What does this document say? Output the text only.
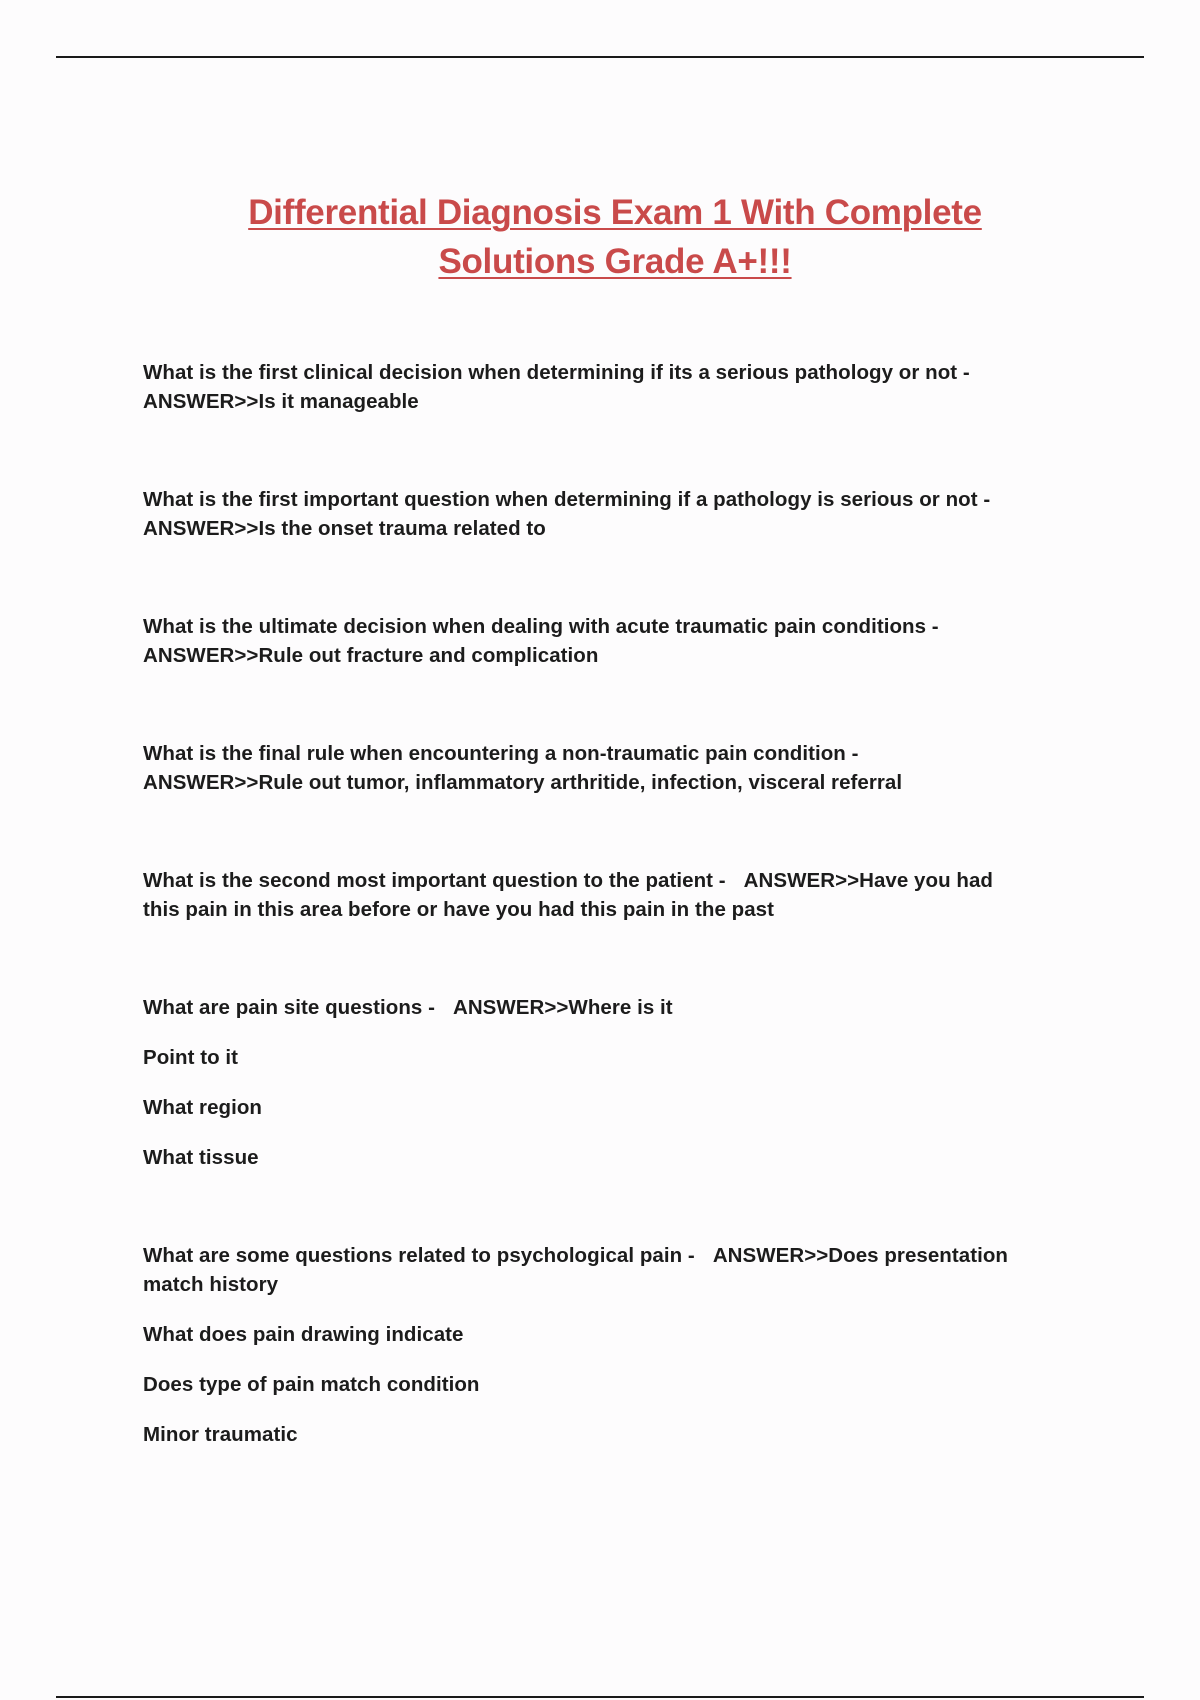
Differential Diagnosis Exam 1 With Complete
Solutions Grade A+!!!
What is the first clinical decision when determining if its a serious pathology or not -
ANSWER>>Is it manageable
What is the first important question when determining if a pathology is serious or not -
ANSWER>>Is the onset trauma related to
What is the ultimate decision when dealing with acute traumatic pain conditions -
ANSWER>>Rule out fracture and complication
What is the final rule when encountering a non-traumatic pain condition -
ANSWER>>Rule out tumor, inflammatory arthritide, infection, visceral referral
What is the second most important question to the patient - ANSWER>>Have you had
this pain in this area before or have you had this pain in the past
What are pain site questions - ANSWER>>Where is it
Point to it
What region
What tissue
What are some questions related to psychological pain - ANSWER>>Does presentation
match history
What does pain drawing indicate
Does type of pain match condition
Minor traumatic
